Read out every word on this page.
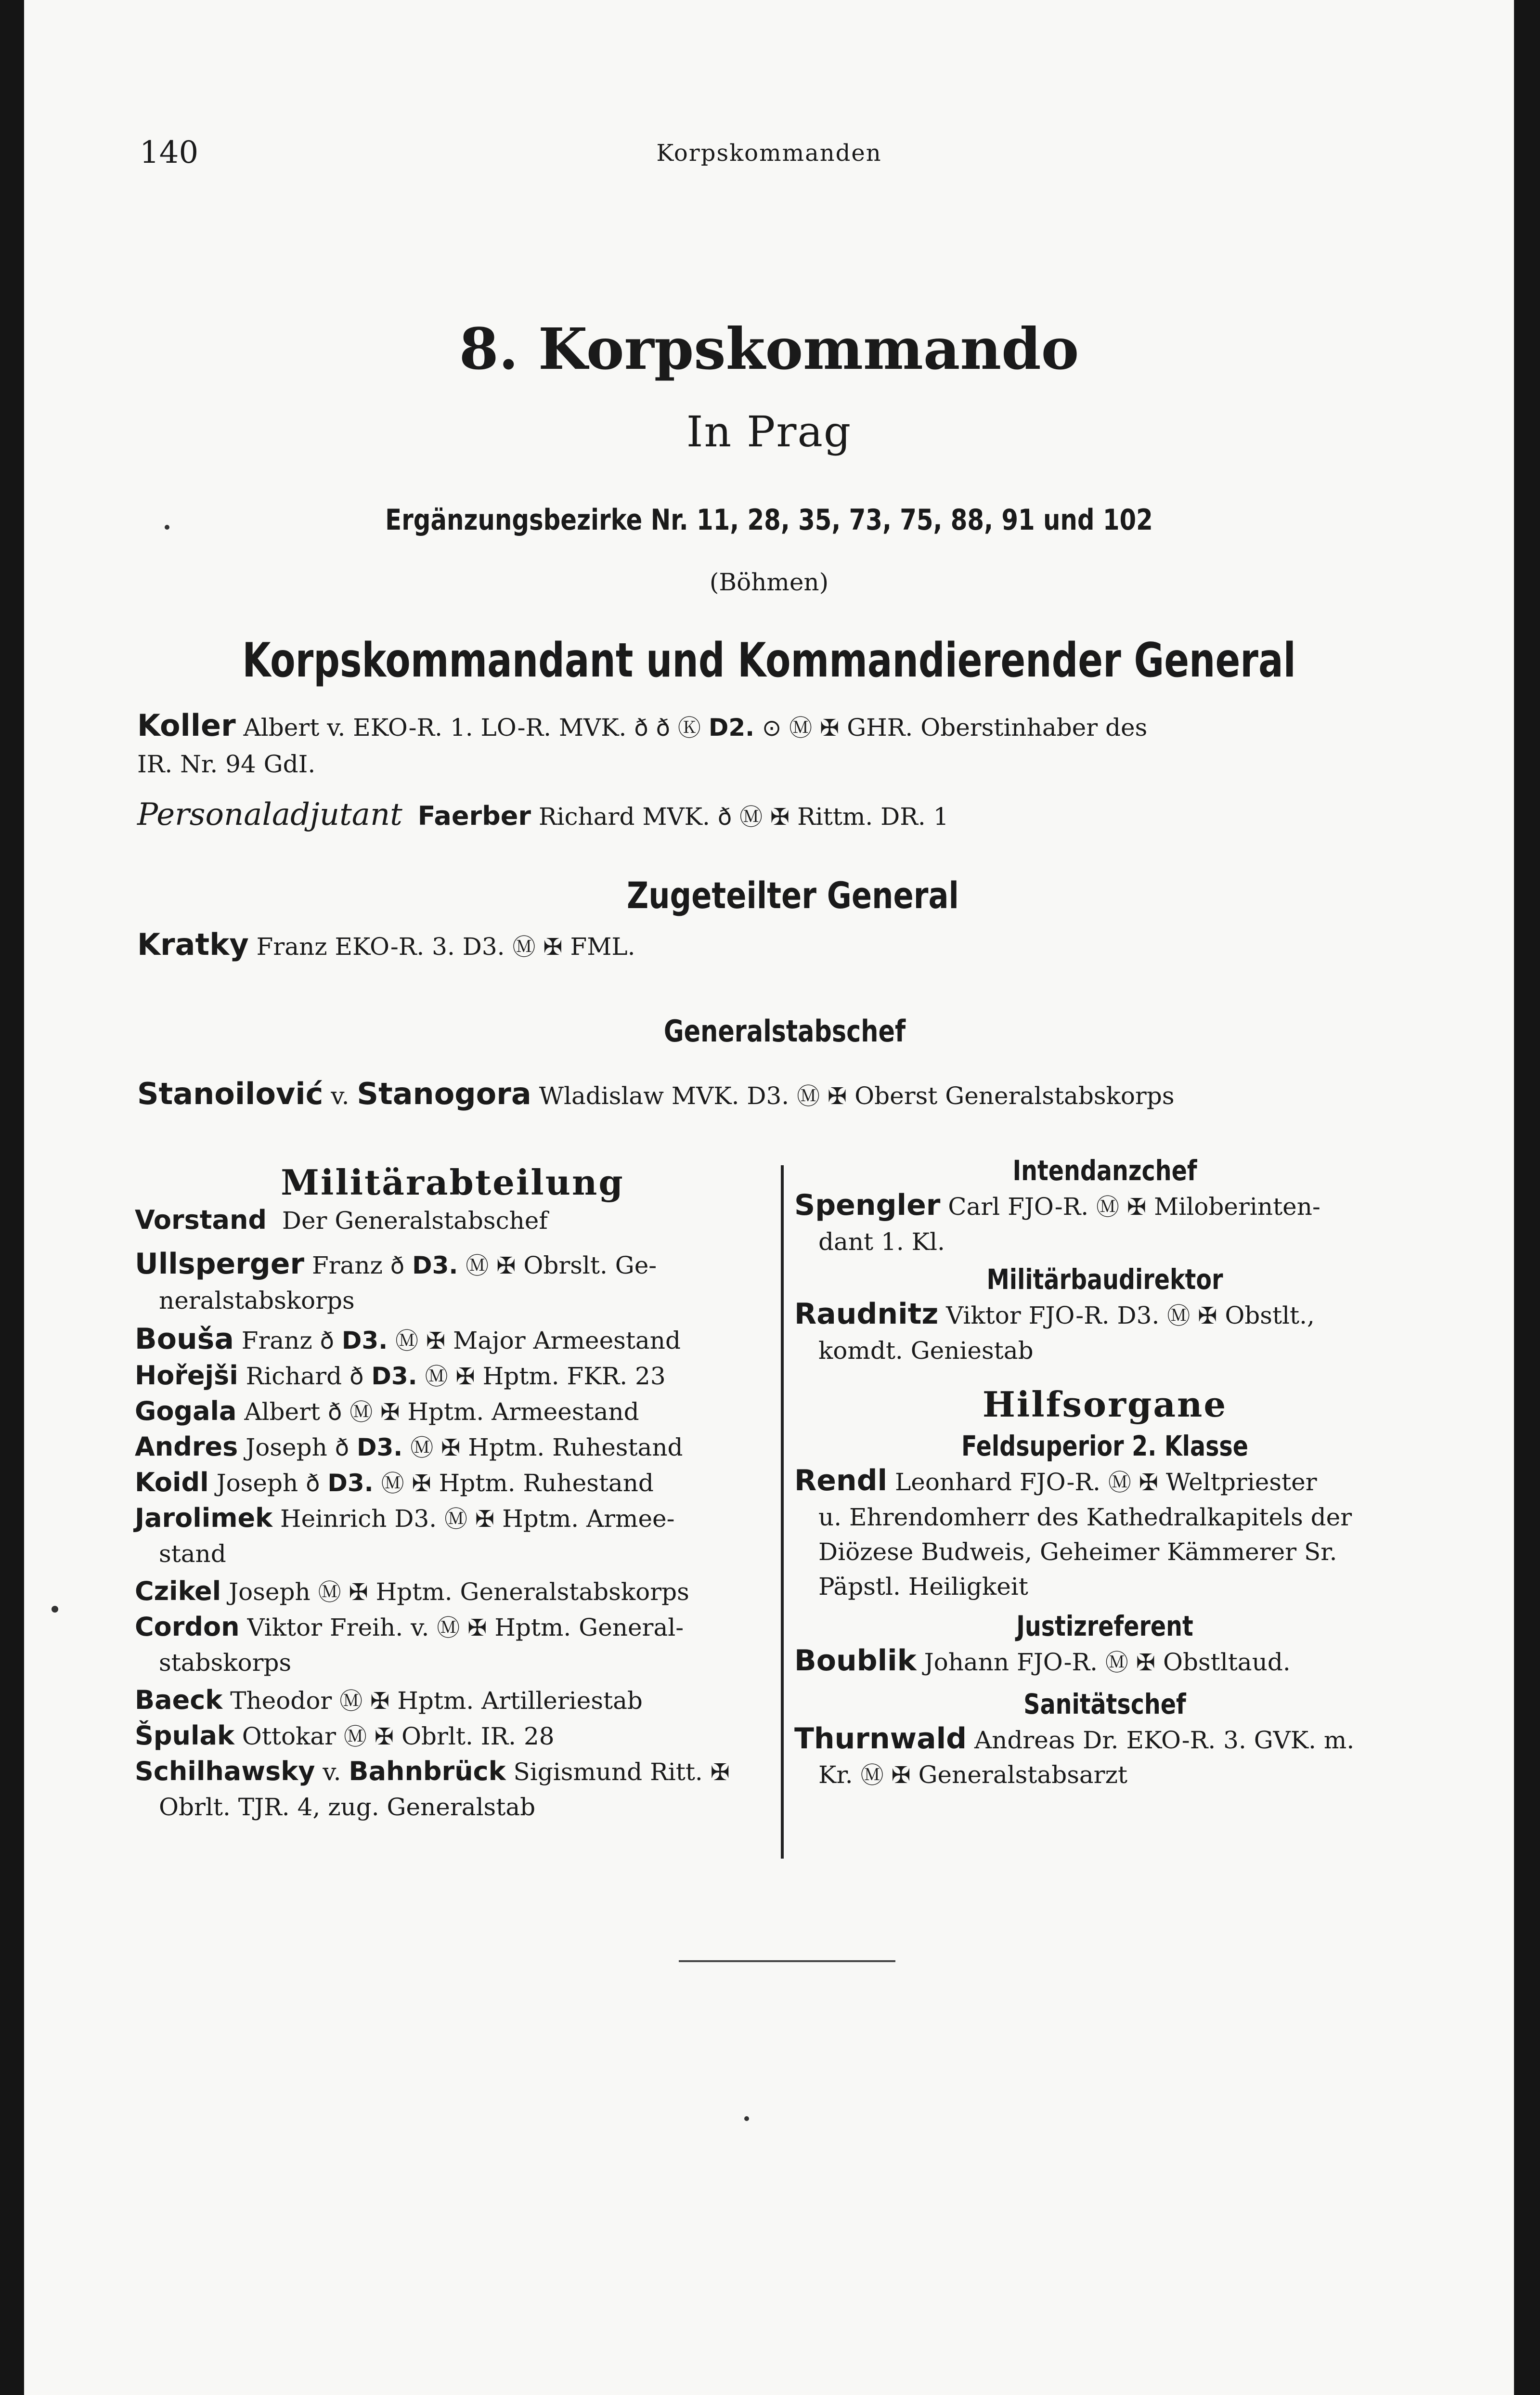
140	Korpskommanden
8. Korpskommando
In Prag
Ergänzungsbezirke Nr. 11, 28, 35, 73, 75, 88, 91 und 102
(Böhmen)
Korpskommandant und Kommandierender General
Koller Albert v. EKO-R. 1. LO-R. MVK. ð ð Ⓚ D2. ⊙ Ⓜ ✠ GHR. Oberstinhaber des
IR. Nr. 94 GdI.
Personaladjutant Faerber Richard MVK. ð Ⓜ ✠ Rittm. DR. 1
Zugeteilter General
Kratky Franz EKO-R. 3. D3. Ⓜ ✠ FML.
Generalstabschef
Stanoilović v. Stanogora Wladislaw MVK. D3. Ⓜ ✠ Oberst Generalstabskorps
Militärabteilung
Vorstand Der Generalstabschef
Ullsperger Franz ð D3. Ⓜ ✠ Obrslt. Ge-
neralstabskorps
Bouša Franz ð D3. Ⓜ ✠ Major Armeestand
Hořejši Richard ð D3. Ⓜ ✠ Hptm. FKR. 23
Gogala Albert ð Ⓜ ✠ Hptm. Armeestand
Andres Joseph ð D3. Ⓜ ✠ Hptm. Ruhestand
Koidl Joseph ð D3. Ⓜ ✠ Hptm. Ruhestand
Jarolimek Heinrich D3. Ⓜ ✠ Hptm. Armee-
stand
Czikel Joseph Ⓜ ✠ Hptm. Generalstabskorps
Cordon Viktor Freih. v. Ⓜ ✠ Hptm. General-
stabskorps
Baeck Theodor Ⓜ ✠ Hptm. Artilleriestab
Špulak Ottokar Ⓜ ✠ Obrlt. IR. 28
Schilhawsky v. Bahnbrück Sigismund Ritt. ✠
Obrlt. TJR. 4, zug. Generalstab
Intendanzchef
Spengler Carl FJO-R. Ⓜ ✠ Miloberinten-
dant 1. Kl.
Militärbaudirektor
Raudnitz Viktor FJO-R. D3. Ⓜ ✠ Obstlt.,
komdt. Geniestab
Hilfsorgane
Feldsuperior 2. Klasse
Rendl Leonhard FJO-R. Ⓜ ✠ Weltpriester
u. Ehrendomherr des Kathedralkapitels der
Diözese Budweis, Geheimer Kämmerer Sr.
Päpstl. Heiligkeit
Justizreferent
Boublik Johann FJO-R. Ⓜ ✠ Obstltaud.
Sanitätschef
Thurnwald Andreas Dr. EKO-R. 3. GVK. m.
Kr. Ⓜ ✠ Generalstabsarzt
